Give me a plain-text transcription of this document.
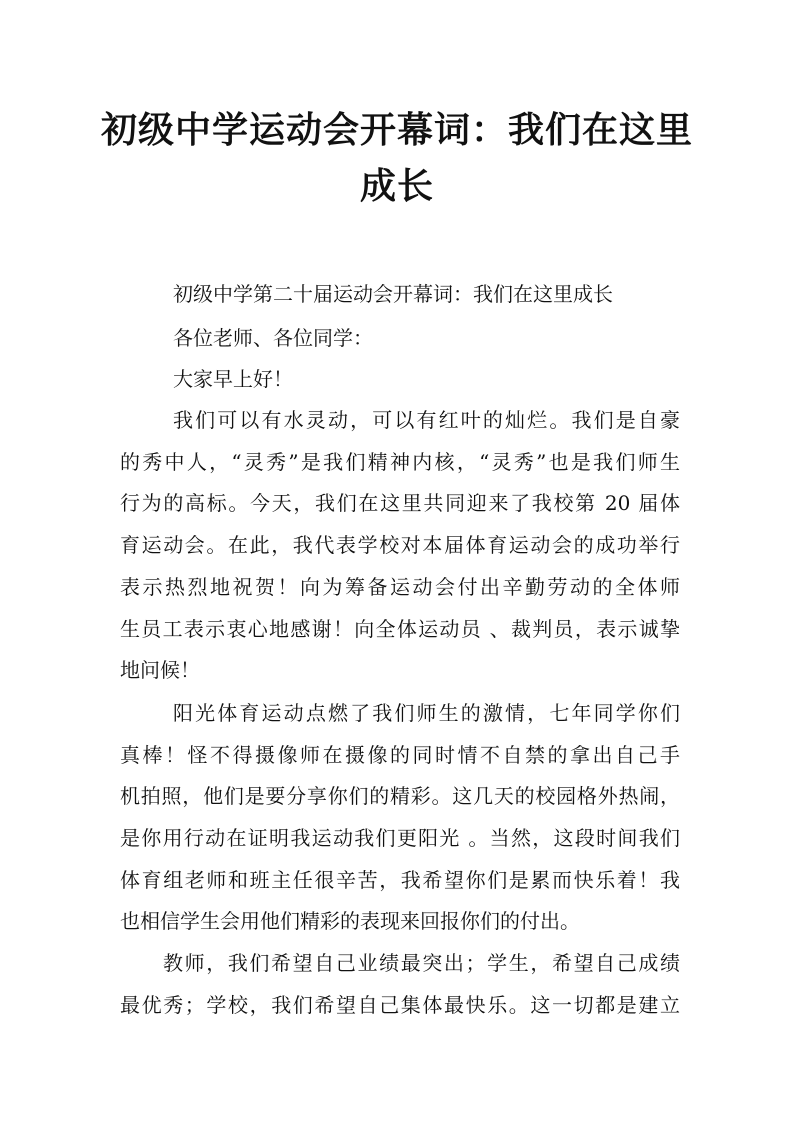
初级中学运动会开幕词：我们在这里
成长
初级中学第二十届运动会开幕词：我们在这里成长
各位老师、各位同学：
大家早上好！
我们可以有水灵动，可以有红叶的灿烂。我们是自豪
的秀中人，“灵秀”是我们精神内核，“灵秀”也是我们师生
行为的高标。今天，我们在这里共同迎来了我校第 20 届体
育运动会。在此，我代表学校对本届体育运动会的成功举行
表示热烈地祝贺！向为筹备运动会付出辛勤劳动的全体师
生员工表示衷心地感谢！向全体运动员 、裁判员，表示诚挚
地问候！
阳光体育运动点燃了我们师生的激情，七年同学你们
真棒！怪不得摄像师在摄像的同时情不自禁的拿出自己手
机拍照，他们是要分享你们的精彩。这几天的校园格外热闹，
是你用行动在证明我运动我们更阳光 。当然，这段时间我们
体育组老师和班主任很辛苦，我希望你们是累而快乐着！我
也相信学生会用他们精彩的表现来回报你们的付出。
教师，我们希望自己业绩最突出；学生，希望自己成绩
最优秀；学校，我们希望自己集体最快乐。这一切都是建立
